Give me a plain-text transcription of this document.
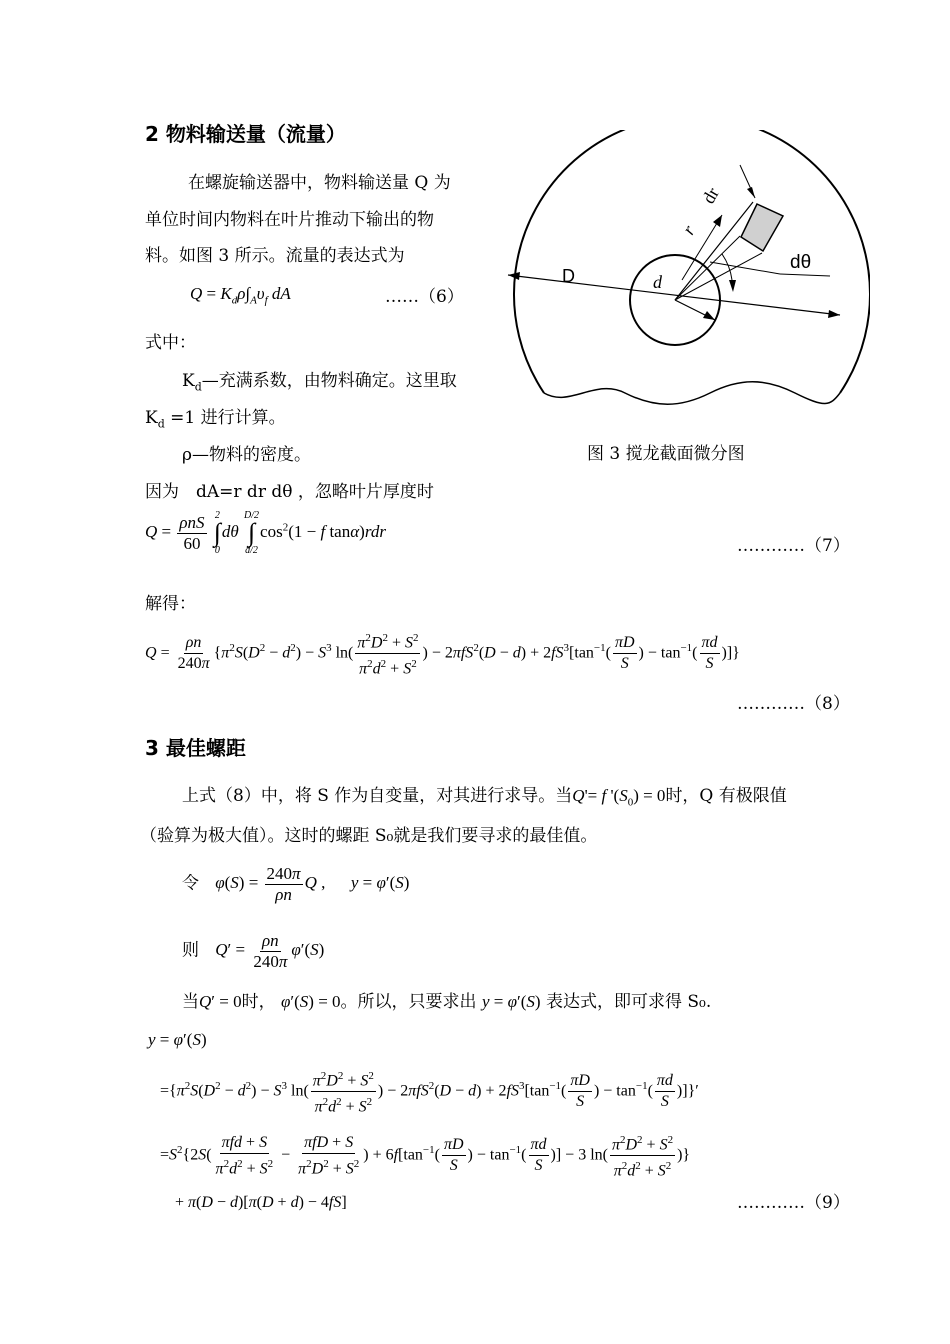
2 物料输送量（流量）
在螺旋输送器中，物料输送量 Q 为
单位时间内物料在叶片推动下输出的物
料。如图 3 所示。流量的表达式为
$Q = K_d\rho\int_A\upsilon_f$ dA	……（6）
式中：
$K_d—$充满系数，由物料确定。这里取
$K_d =1$ 进行计算。
ρ—物料的密度。
因为　dA=r dr dθ ，忽略叶片厚度时
D	d
r
dr
dθ
图 3 搅龙截面微分图
$Q = \frac{\text{ρnS}}{60}$
2
∫
0
dθ
D/2
∫
d/2
$\cos^2(1 - f$ tanα)rdr
…………（7）
解得：
$Q = \frac{\rho n}{240\pi} \{\pi^2S(D^2 - d^2) - S^3$ $\ln( \frac{\pi^2D^2 + S^2}{\pi^2d^2 + S^2}$ ) − $2\pi fS^2(D - d) + 2fS^3[\tan^{-1}( \frac{\pi D}{S}$ ) − $\tan^{-1}( \frac{\pi d}{S}$ )]}
…………（8）
3 最佳螺距
上式（8）中，将 S 作为自变量，对其进行求导。当Q'= f '$(S_0) = 0$时，Q 有极限值
（验算为极大值）。这时的螺距 S₀就是我们要寻求的最佳值。
令 $\varphi(S) = \frac{240\pi}{\rho n}$ Q ,      y = φ′(S)
则 $Q' = \frac{\rho n}{240\pi} \varphi'(S)$
当Q′ = 0时， φ′(S) = 0。所以，只要求出 y = φ′(S) 表达式，即可求得 S₀.
y = φ′(S)
$=\{\pi^2S(D^2 - d^2) - S^3$ $\ln( \frac{\pi^2D^2 + S^2}{\pi^2d^2 + S^2}$ ) − $2\pi fS^2(D - d) + 2fS^3[\tan^{-1}( \frac{\pi D}{S}$ ) − $\tan^{-1}( \frac{\pi d}{S}$ )]}′
$=S^2\{2S( \frac{\text{πfd + S}}{\pi^2d^2 + S^2} - \frac{\text{πfD + S}}{\pi^2D^2 + S^2}$ ) + $6f[\tan^{-1}( \frac{\pi D}{S}$ ) − $\tan^{-1}( \frac{\pi d}{S}$ )] − 3 $\ln( \frac{\pi^2D^2 + S^2}{\pi^2d^2 + S^2}$ )}
+ π(D − d)[π(D + d) − 4fS]	…………（9）
